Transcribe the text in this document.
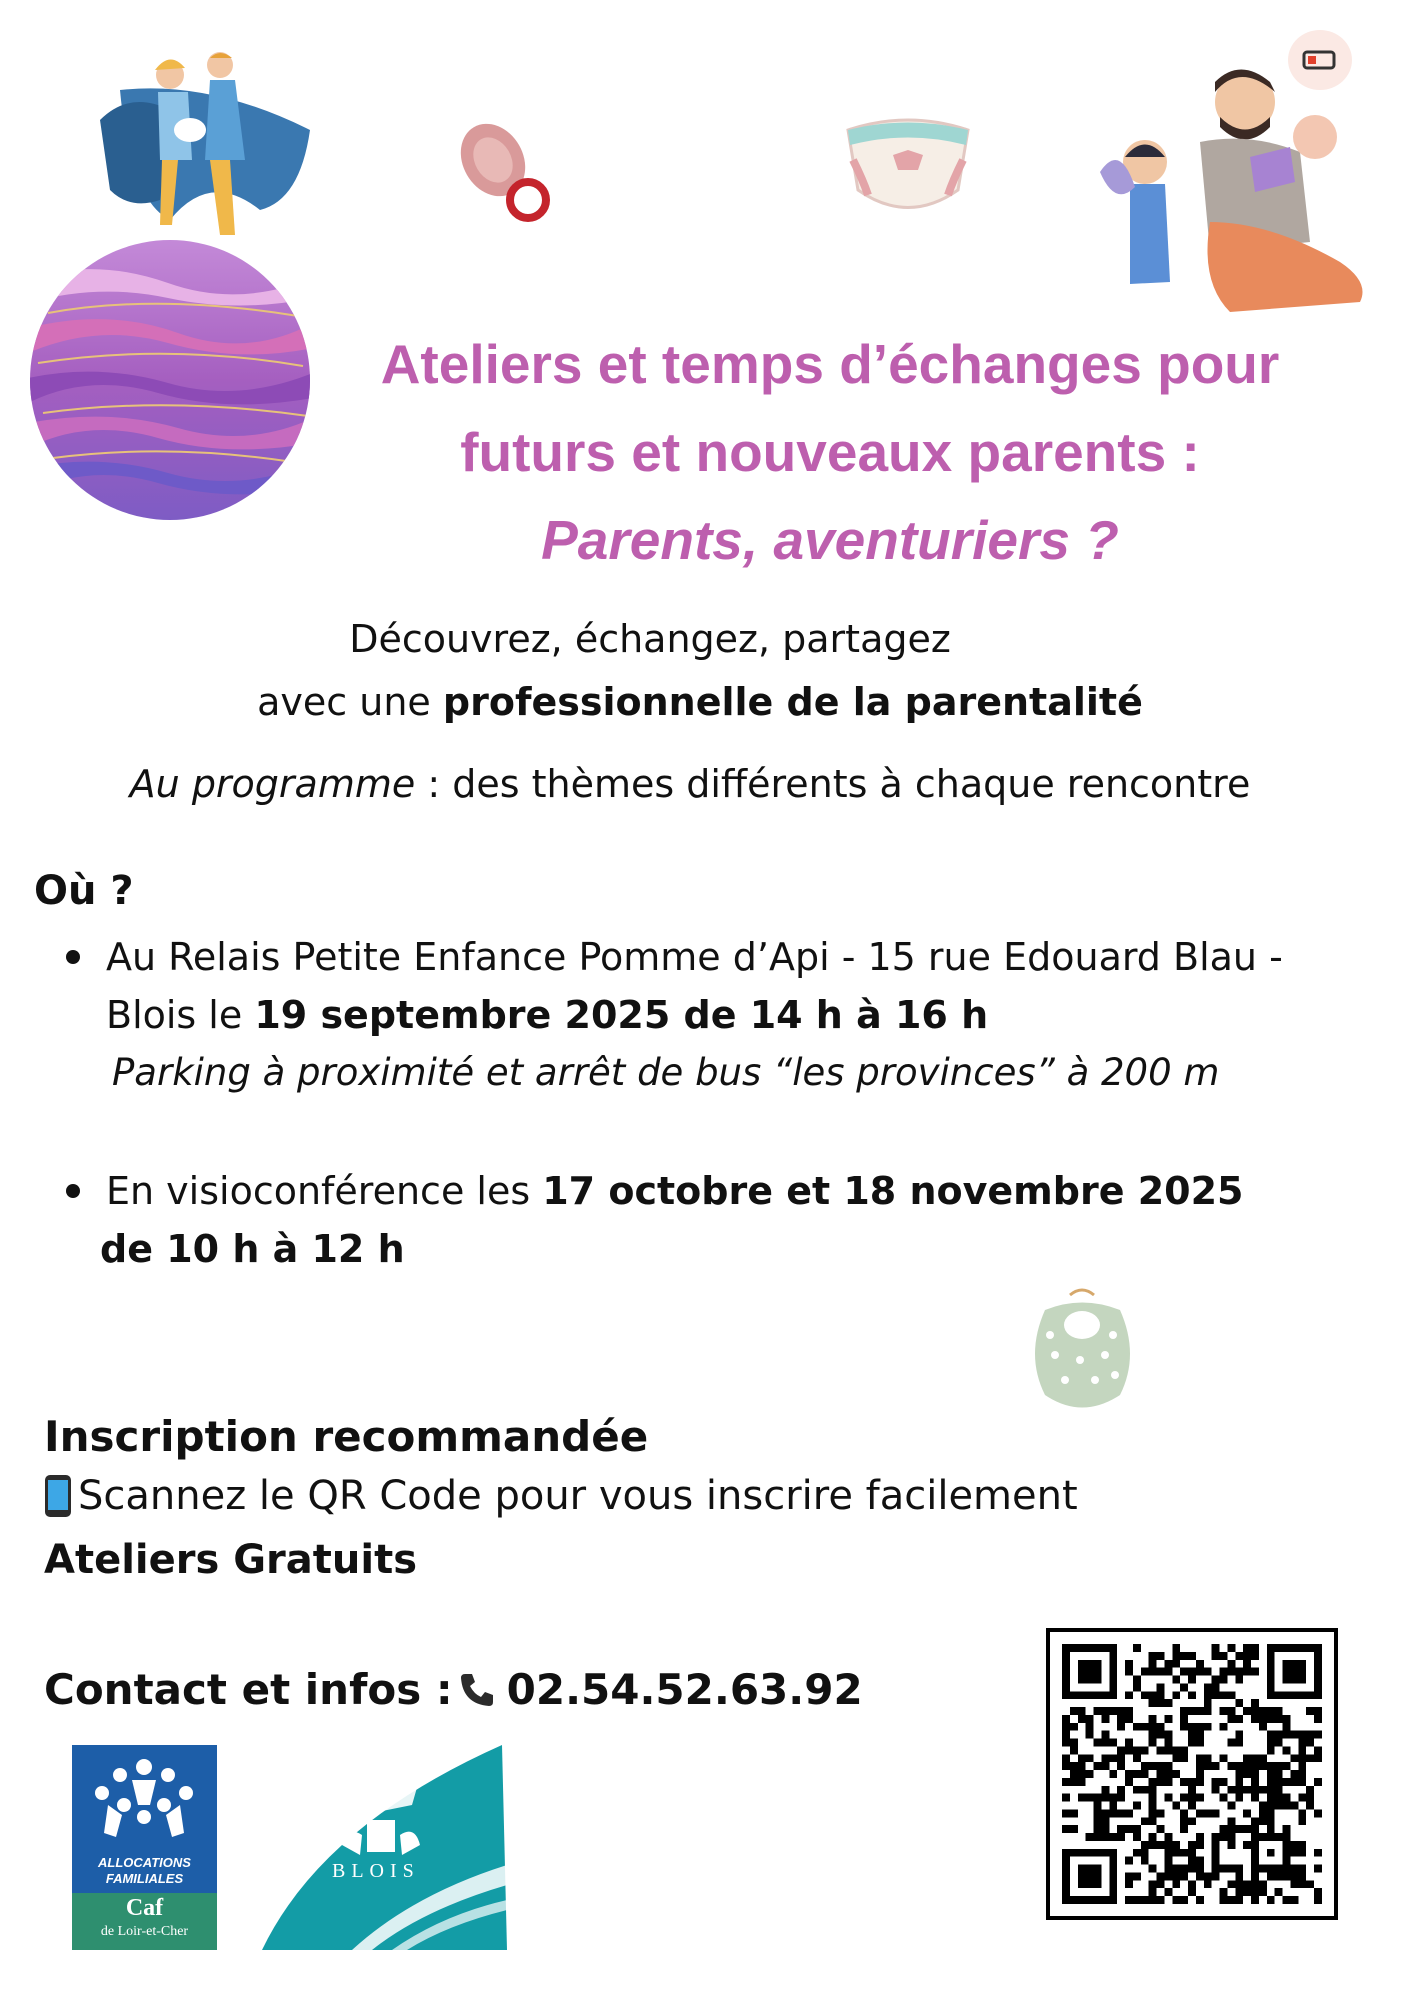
Ateliers et temps d’échanges pour
futurs et nouveaux parents :
Parents, aventuriers ?
Découvrez, échangez, partagez
avec une professionnelle de la parentalité
Au programme : des thèmes différents à chaque rencontre
Où ?
Au Relais Petite Enfance Pomme d’Api - 15 rue Edouard Blau -
Blois le 19 septembre 2025 de 14 h à 16 h
Parking à proximité et arrêt de bus “les provinces” à 200 m
En visioconférence les 17 octobre et 18 novembre 2025
de 10 h à 12 h
Inscription recommandée
Scannez le QR Code pour vous inscrire facilement
Ateliers Gratuits
Contact et infos : 02.54.52.63.92
ALLOCATIONS
FAMILIALES
Caf
de Loir-et-Cher
BLOIS
